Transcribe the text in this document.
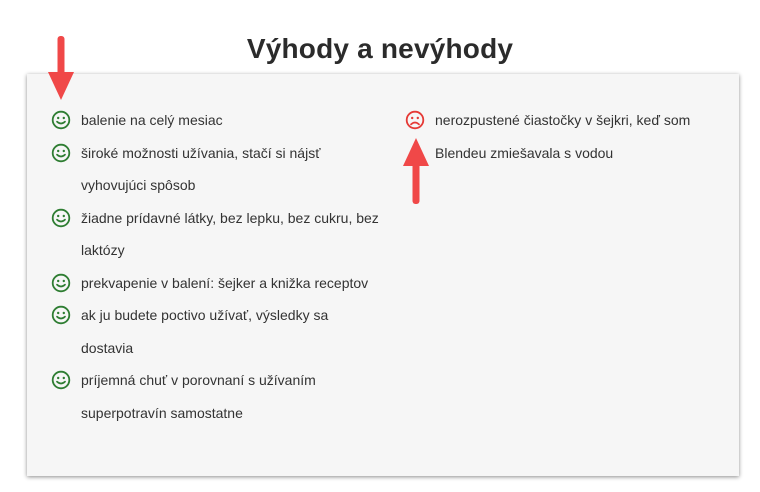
Výhody a nevýhody
balenie na celý mesiac
široké možnosti užívania, stačí si nájsť vyhovujúci spôsob
žiadne prídavné látky, bez lepku, bez cukru, bez laktózy
prekvapenie v balení: šejker a knižka receptov
ak ju budete poctivo užívať, výsledky sa dostavia
príjemná chuť v porovnaní s užívaním superpotravín samostatne
nerozpustené čiastočky v šejkri, keď som Blendeu zmiešavala s vodou
